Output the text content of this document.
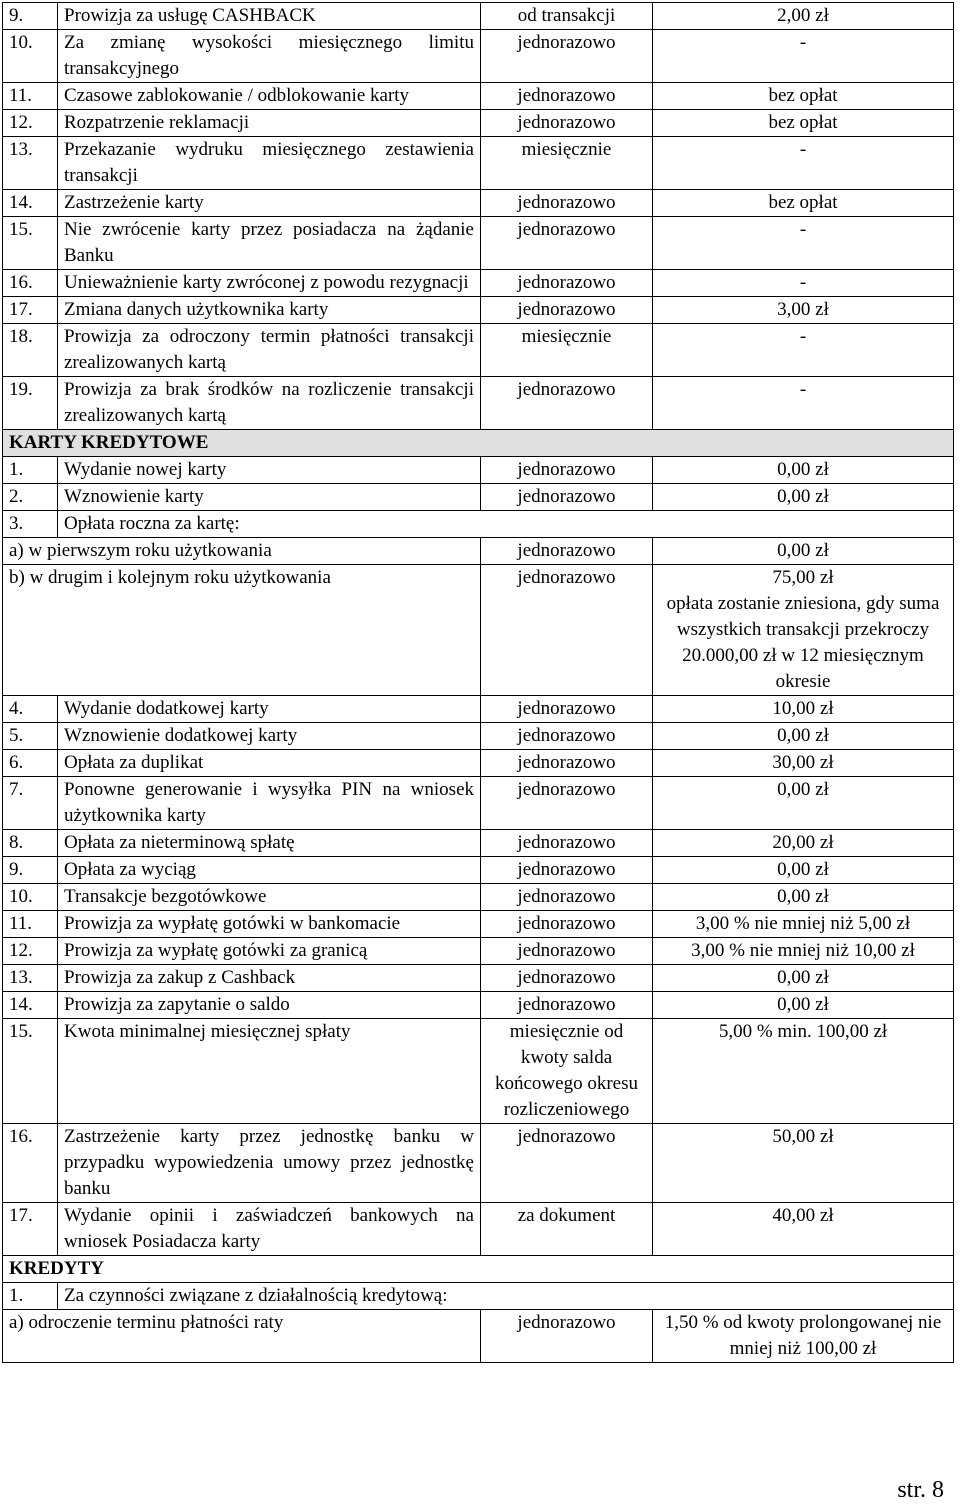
9.	Prowizja za usługę CASHBACK	od transakcji	2,00 zł
10.	Za zmianę wysokości miesięcznego limitu transakcyjnego	jednorazowo	-
11.	Czasowe zablokowanie / odblokowanie karty	jednorazowo	bez opłat
12.	Rozpatrzenie reklamacji	jednorazowo	bez opłat
13.	Przekazanie wydruku miesięcznego zestawienia transakcji	miesięcznie	-
14.	Zastrzeżenie karty	jednorazowo	bez opłat
15.	Nie zwrócenie karty przez posiadacza na żądanie Banku	jednorazowo	-
16.	Unieważnienie karty zwróconej z powodu rezygnacji	jednorazowo	-
17.	Zmiana danych użytkownika karty	jednorazowo	3,00 zł
18.	Prowizja za odroczony termin płatności transakcji zrealizowanych kartą	miesięcznie	-
19.	Prowizja za brak środków na rozliczenie transakcji zrealizowanych kartą	jednorazowo	-
KARTY KREDYTOWE			
1.	Wydanie nowej karty	jednorazowo	0,00 zł
2.	Wznowienie karty	jednorazowo	0,00 zł
3.	Opłata roczna za kartę:		
a) w pierwszym roku użytkowania		jednorazowo	0,00 zł
b) w drugim i kolejnym roku użytkowania		jednorazowo	75,00 zł
opłata zostanie zniesiona, gdy suma wszystkich transakcji przekroczy 20.000,00 zł w 12 miesięcznym okresie

4.	Wydanie dodatkowej karty	jednorazowo	10,00 zł
5.	Wznowienie dodatkowej karty	jednorazowo	0,00 zł
6.	Opłata za duplikat	jednorazowo	30,00 zł
7.	Ponowne generowanie i wysyłka PIN na wniosek użytkownika karty	jednorazowo	0,00 zł
8.	Opłata za nieterminową spłatę	jednorazowo	20,00 zł
9.	Opłata za wyciąg	jednorazowo	0,00 zł
10.	Transakcje bezgotówkowe	jednorazowo	0,00 zł
11.	Prowizja za wypłatę gotówki w bankomacie	jednorazowo	3,00 % nie mniej niż 5,00 zł
12.	Prowizja za wypłatę gotówki za granicą	jednorazowo	3,00 % nie mniej niż 10,00 zł
13.	Prowizja za zakup z Cashback	jednorazowo	0,00 zł
14.	Prowizja za zapytanie o saldo	jednorazowo	0,00 zł
15.	Kwota minimalnej miesięcznej spłaty	miesięcznie od kwoty salda końcowego okresu rozliczeniowego	5,00 % min. 100,00 zł
16.	Zastrzeżenie karty przez jednostkę banku w przypadku wypowiedzenia umowy przez jednostkę banku	jednorazowo	50,00 zł
17.	Wydanie opinii i zaświadczeń bankowych na wniosek Posiadacza karty	za dokument	40,00 zł
KREDYTY			
1.	Za czynności związane z działalnością kredytową:		
a) odroczenie terminu płatności raty		jednorazowo	1,50 % od kwoty prolongowanej nie mniej niż 100,00 zł
str. 8
